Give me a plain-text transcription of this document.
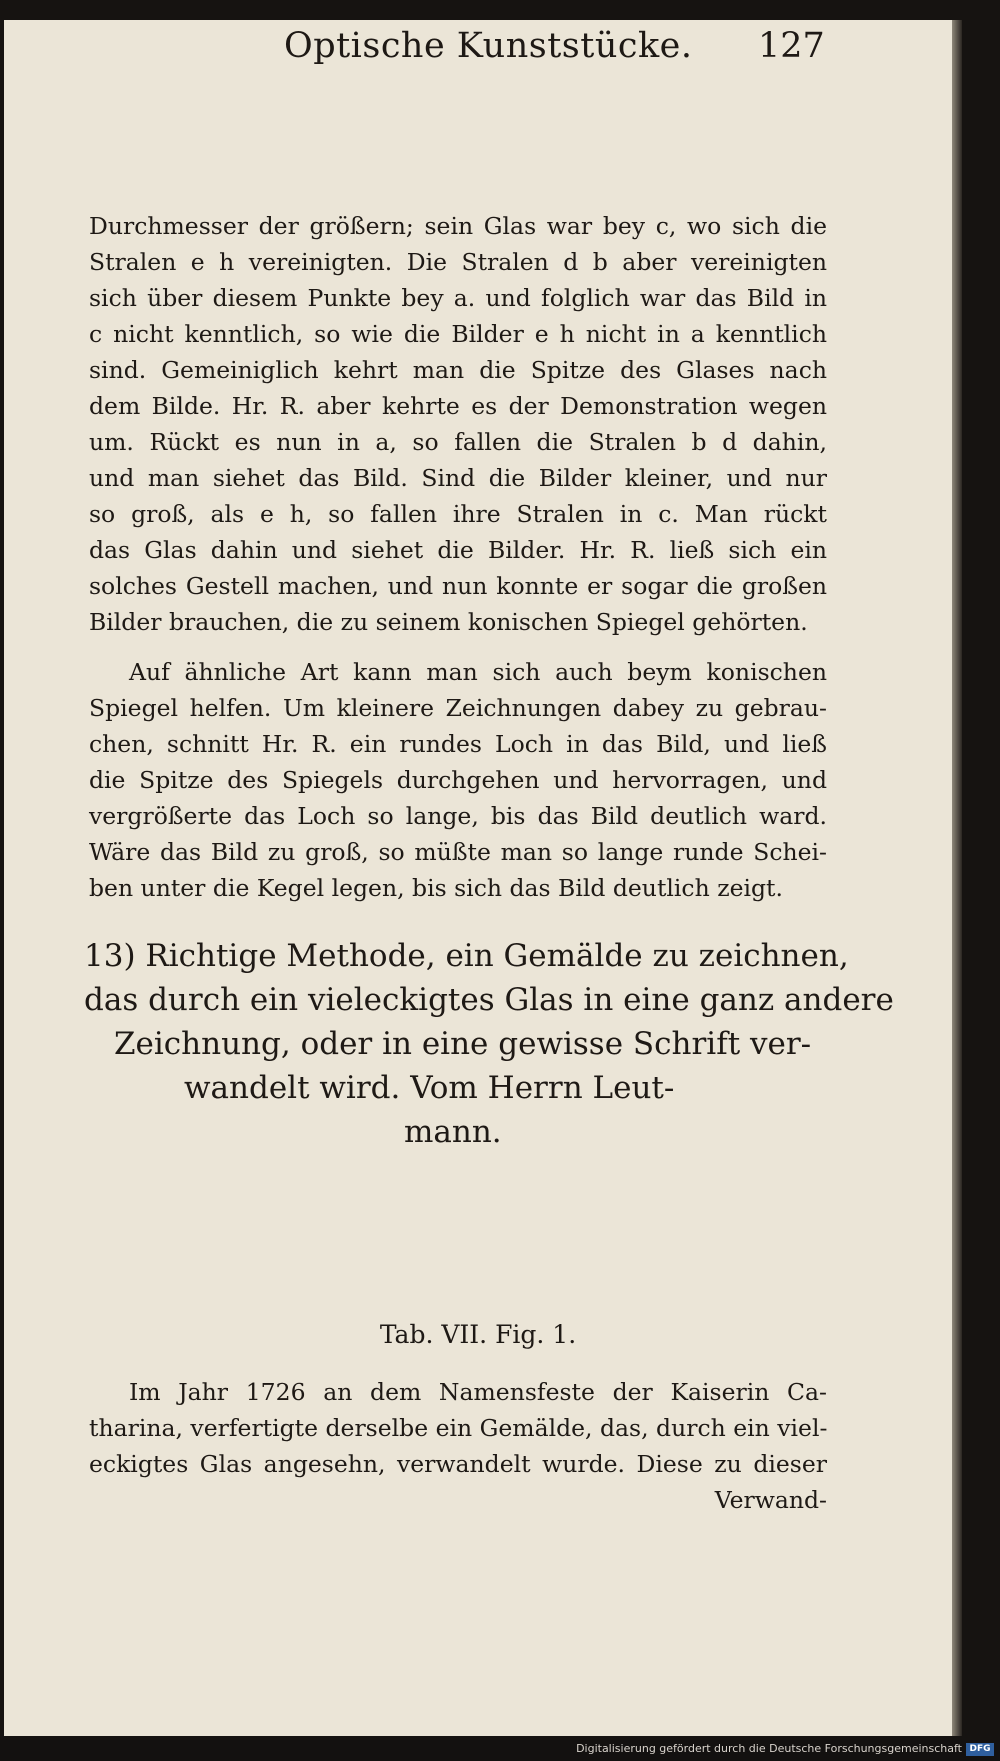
Optische Kunststücke. 127
Durchmesser der größern; sein Glas war bey c, wo sich die
Stralen e h vereinigten. Die Stralen d b aber vereinigten
sich über diesem Punkte bey a. und folglich war das Bild in
c nicht kenntlich, so wie die Bilder e h nicht in a kenntlich
sind. Gemeiniglich kehrt man die Spitze des Glases nach
dem Bilde. Hr. R. aber kehrte es der Demonstration wegen
um. Rückt es nun in a, so fallen die Stralen b d dahin,
und man siehet das Bild. Sind die Bilder kleiner, und nur
so groß, als e h, so fallen ihre Stralen in c. Man rückt
das Glas dahin und siehet die Bilder. Hr. R. ließ sich ein
solches Gestell machen, und nun konnte er sogar die großen
Bilder brauchen, die zu seinem konischen Spiegel gehörten.
Auf ähnliche Art kann man sich auch beym konischen
Spiegel helfen. Um kleinere Zeichnungen dabey zu gebrau-
chen, schnitt Hr. R. ein rundes Loch in das Bild, und ließ
die Spitze des Spiegels durchgehen und hervorragen, und
vergrößerte das Loch so lange, bis das Bild deutlich ward.
Wäre das Bild zu groß, so müßte man so lange runde Schei-
ben unter die Kegel legen, bis sich das Bild deutlich zeigt.
13) Richtige Methode, ein Gemälde zu zeichnen,
das durch ein vieleckigtes Glas in eine ganz andere
Zeichnung, oder in eine gewisse Schrift ver-
wandelt wird. Vom Herrn Leut-
mann.
Tab. VII. Fig. 1.
Im Jahr 1726 an dem Namensfeste der Kaiserin Ca-
tharina, verfertigte derselbe ein Gemälde, das, durch ein viel-
eckigtes Glas angesehn, verwandelt wurde. Diese zu dieser
Verwand-
Digitalisierung gefördert durch die Deutsche Forschungsgemeinschaft DFG
